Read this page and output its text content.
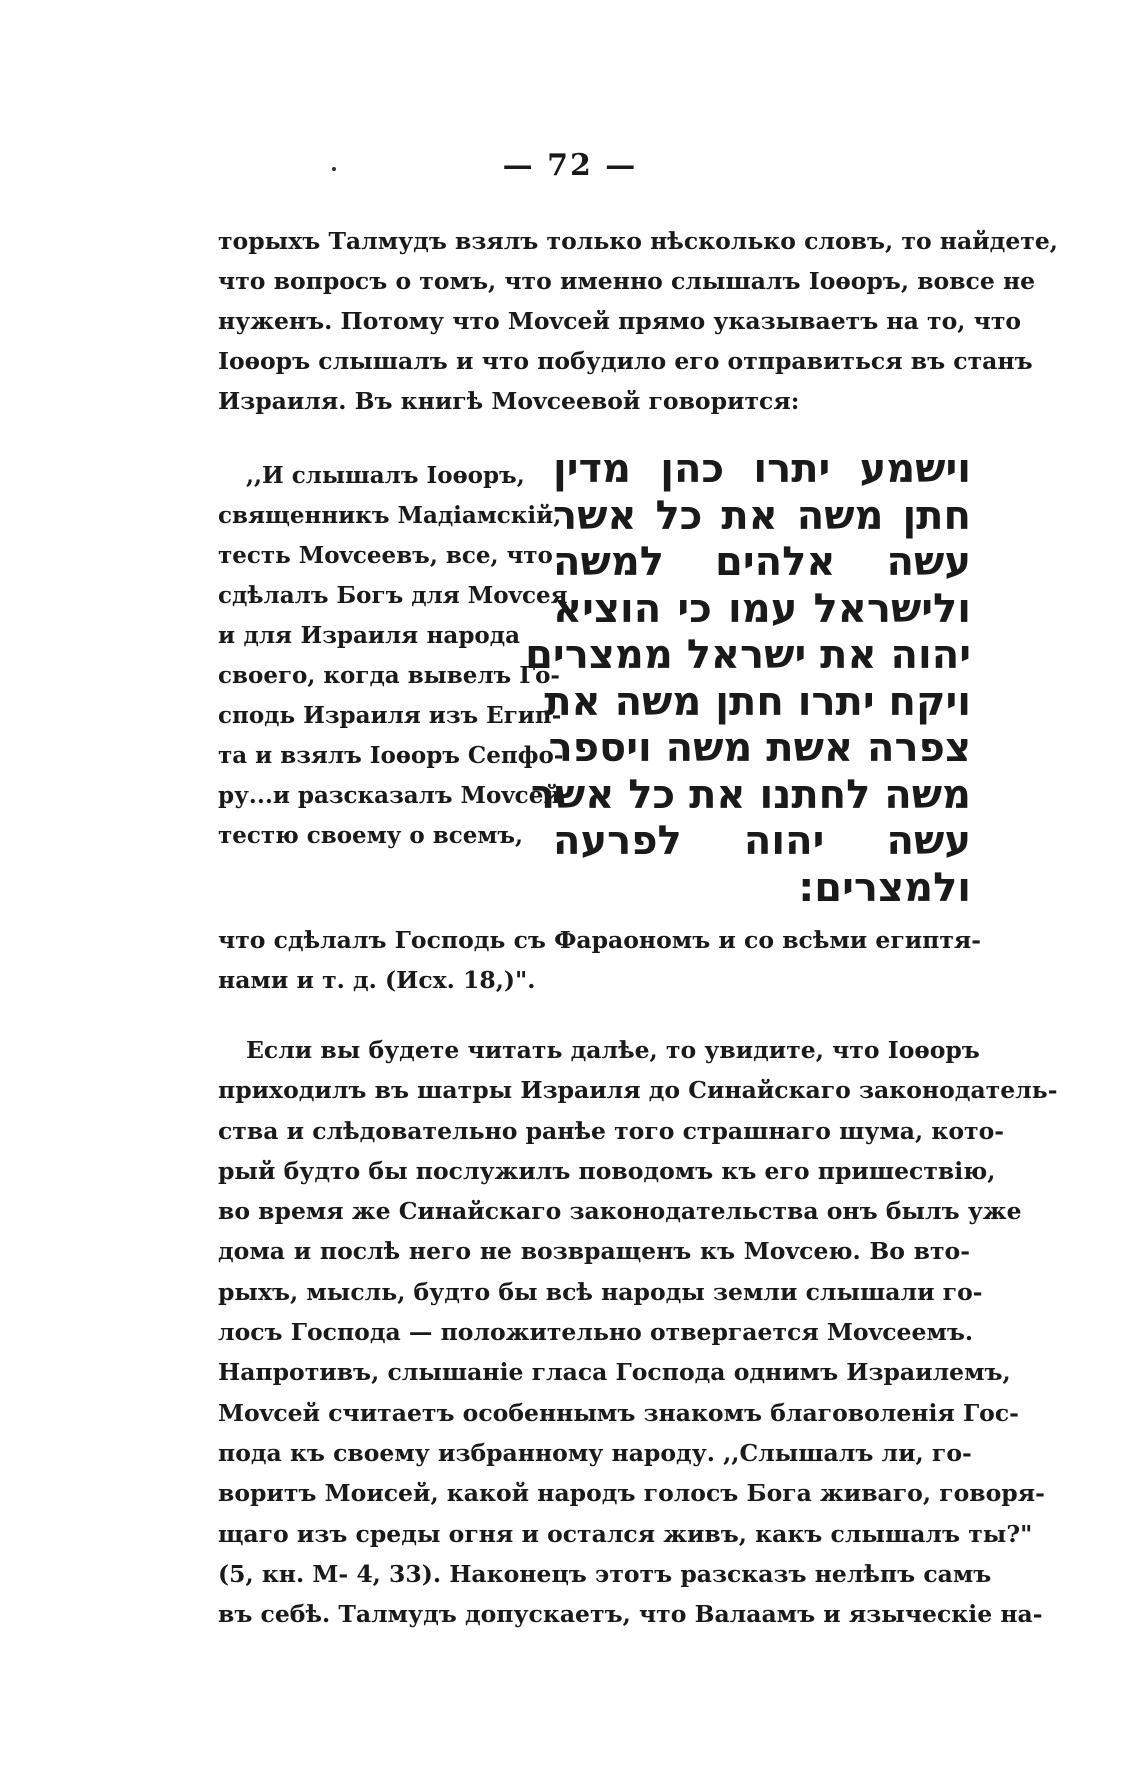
— 72 —
торыхъ Талмудъ взялъ только нѣсколько словъ, то найдете,
что вопросъ о томъ, что именно слышалъ Іоѳоръ, вовсе не
нуженъ. Потому что Моvсей прямо указываетъ на то, что
Іоѳоръ слышалъ и что побудило его отправиться въ станъ
Израиля. Въ книгѣ Моvсеевой говорится:
,,И слышалъ Іоѳоръ,
священникъ Мадіамскій,
тесть Моvсеевъ, все, что
сдѣлалъ Богъ для Моvсея
и для Израиля народа
своего, когда вывелъ Го-
сподь Израиля изъ Егип-
та и взялъ Іоѳоръ Сепфо-
ру...и разсказалъ Моvсей
тестю своему о всемъ,
וישמע יתרו כהן מדין
חתן משה את כל אשר
עשה אלהים למשה
ולישראל עמו כי הוציא
יהוה את ישראל ממצרים
ויקח יתרו חתן משה את
צפרה אשת משה ויספר
משה לחתנו את כל אשר
עשה יהוה לפרעה
ולמצרים:
что сдѣлалъ Господь съ Фараономъ и со всѣми египтя-
нами и т. д. (Исх. 18,)".
Если вы будете читать далѣе, то увидите, что Іоѳоръ
приходилъ въ шатры Израиля до Синайскаго законодатель-
ства и слѣдовательно ранѣе того страшнаго шума, кото-
рый будто бы послужилъ поводомъ къ его пришествію,
во время же Синайскаго законодательства онъ былъ уже
дома и послѣ него не возвращенъ къ Моvсею. Во вто-
рыхъ, мысль, будто бы всѣ народы земли слышали го-
лосъ Господа — положительно отвергается Моvсеемъ.
Напротивъ, слышаніе гласа Господа однимъ Израилемъ,
Моvсей считаетъ особеннымъ знакомъ благоволенія Гос-
пода къ своему избранному народу. ,,Слышалъ ли, го-
воритъ Моисей, какой народъ голосъ Бога живаго, говоря-
щаго изъ среды огня и остался живъ, какъ слышалъ ты?"
(5, кн. М- 4, 33). Наконецъ этотъ разсказъ нелѣпъ самъ
въ себѣ. Талмудъ допускаетъ, что Валаамъ и языческіе на-
